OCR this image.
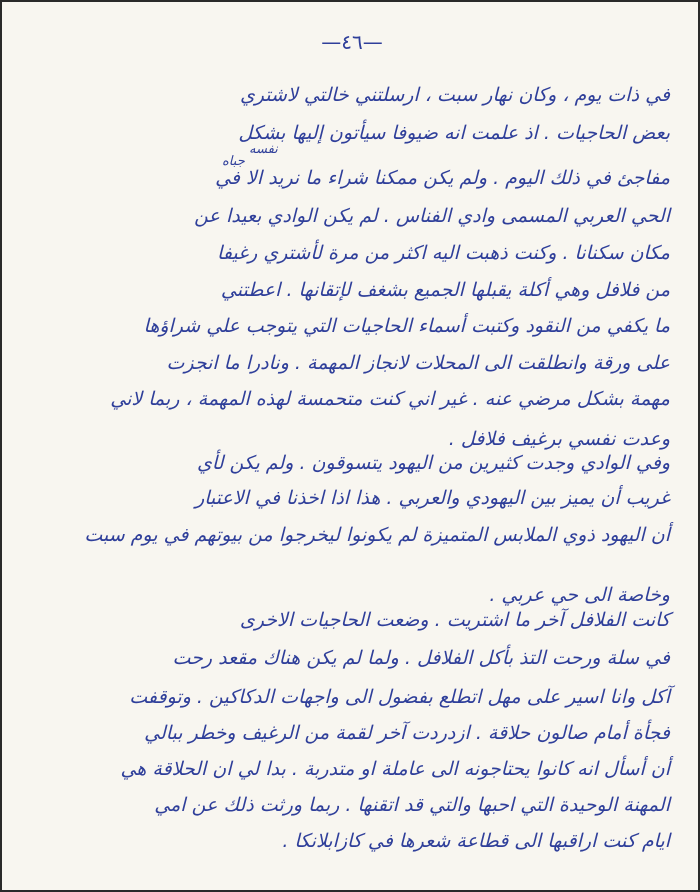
—٤٦—
نفسه
جباه
في ذات يوم ، وكان نهار سبت ، ارسلتني خالتي لاشتري
بعض الحاجيات . اذ علمت انه ضيوفا سيأتون إليها بشكل
مفاجئ في ذلك اليوم . ولم يكن ممكنا شراء ما نريد الا في
الحي العربي المسمى وادي الفناس . لم يكن الوادي بعيدا عن
مكان سكنانا . وكنت ذهبت اليه اكثر من مرة لأشتري رغيفا
من فلافل وهي أكلة يقبلها الجميع بشغف لإتقانها . اعطتني
ما يكفي من النقود وكتبت أسماء الحاجيات التي يتوجب علي شراؤها
على ورقة وانطلقت الى المحلات لانجاز المهمة . ونادرا ما انجزت
مهمة بشكل مرضي عنه . غير اني كنت متحمسة لهذه المهمة ، ربما لاني
وعدت نفسي برغيف فلافل .
وفي الوادي وجدت كثيرين من اليهود يتسوقون . ولم يكن لأي
غريب أن يميز بين اليهودي والعربي . هذا اذا اخذنا في الاعتبار
أن اليهود ذوي الملابس المتميزة لم يكونوا ليخرجوا من بيوتهم في يوم سبت
وخاصة الى حي عربي .
كانت الفلافل آخر ما اشتريت . وضعت الحاجيات الاخرى
في سلة ورحت التذ بأكل الفلافل . ولما لم يكن هناك مقعد رحت
آكل وانا اسير على مهل اتطلع بفضول الى واجهات الدكاكين . وتوقفت
فجأة أمام صالون حلاقة . ازدردت آخر لقمة من الرغيف وخطر ببالي
أن أسأل انه كانوا يحتاجونه الى عاملة او متدربة . بدا لي ان الحلاقة هي
المهنة الوحيدة التي احبها والتي قد اتقنها . ربما ورثت ذلك عن امي
ايام كنت اراقبها الى قطاعة شعرها في كازابلانكا .
